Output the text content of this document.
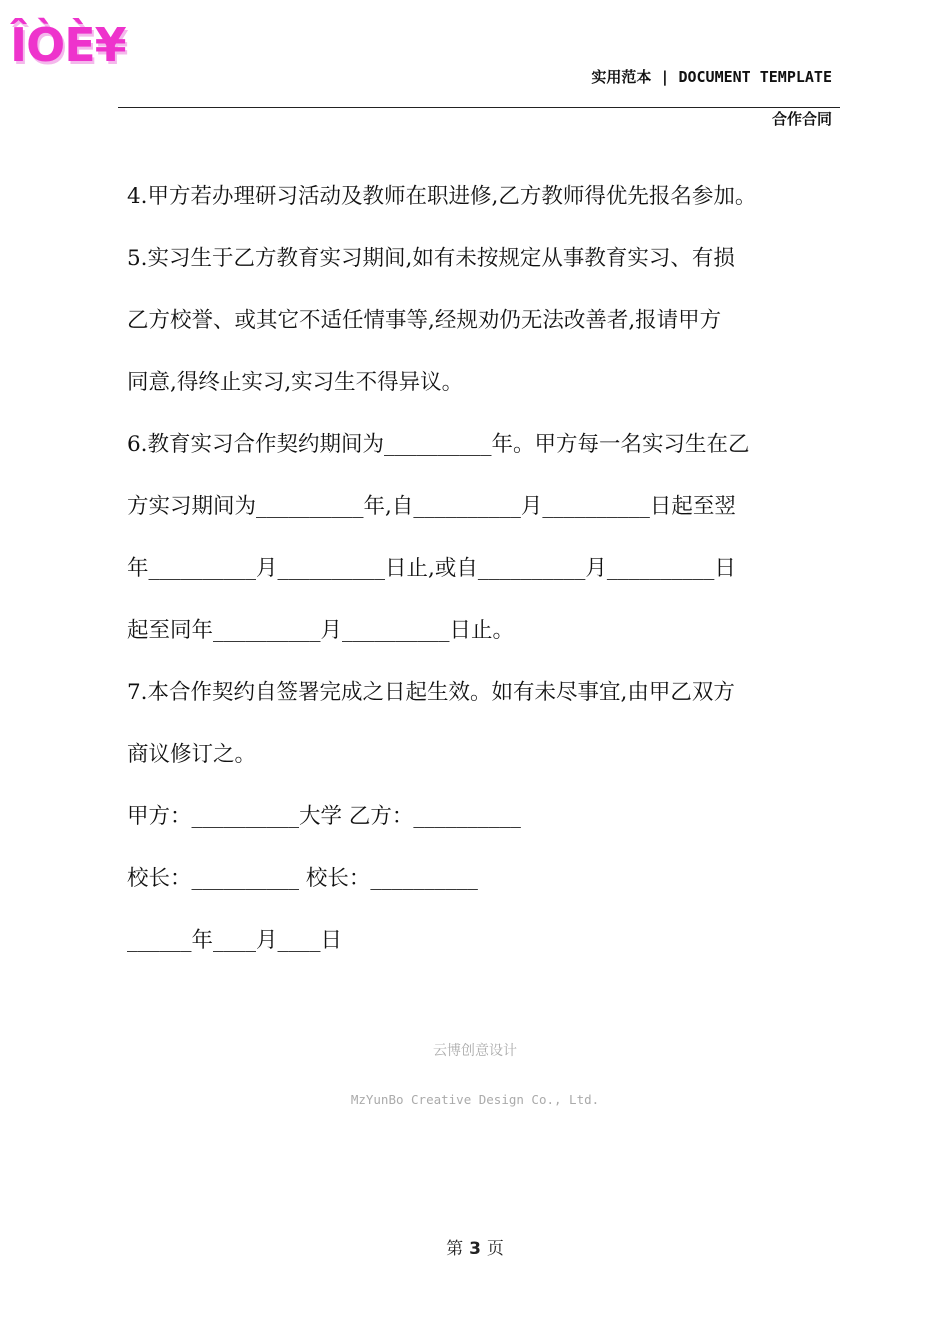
ÎÒÈ¥
实用范本 | DOCUMENT TEMPLATE
合作合同

4.甲方若办理研习活动及教师在职进修,乙方教师得优先报名参加。

5.实习生于乙方教育实习期间,如有未按规定从事教育实习、有损

乙方校誉、或其它不适任情事等,经规劝仍无法改善者,报请甲方

同意,得终止实习,实习生不得异议。

6.教育实习合作契约期间为__________年。甲方每一名实习生在乙

方实习期间为__________年,自__________月__________日起至翌

年__________月__________日止,或自__________月__________日

起至同年__________月__________日止。

7.本合作契约自签署完成之日起生效。如有未尽事宜,由甲乙双方

商议修订之。

甲方：__________大学 乙方：__________

校长：__________ 校长：__________

______年____月____日

云博创意设计
MzYunBo Creative Design Co., Ltd.
第 3 页
